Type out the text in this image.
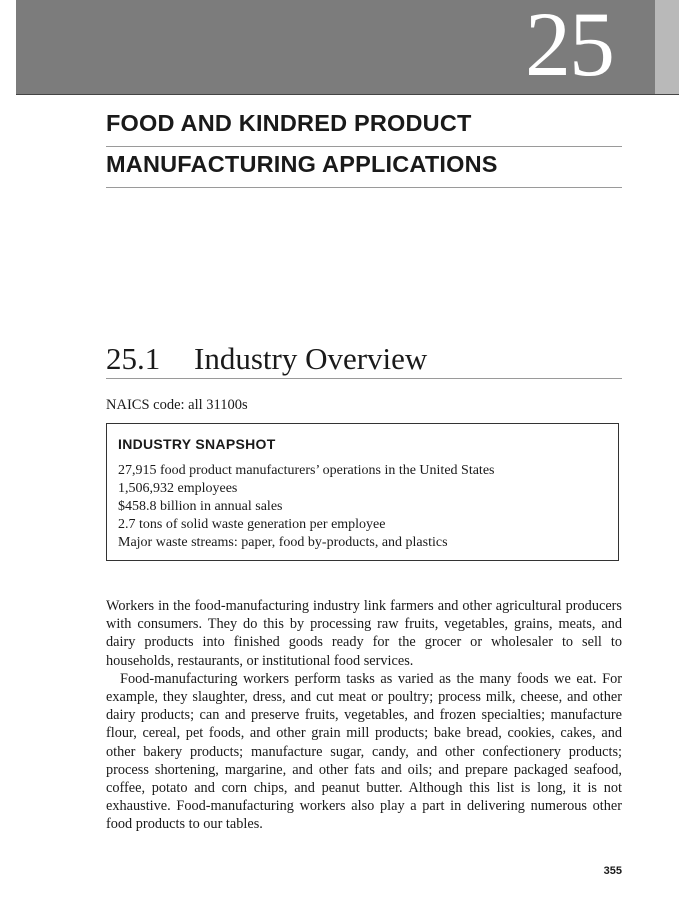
25
FOOD AND KINDRED PRODUCT
MANUFACTURING APPLICATIONS
25.1 Industry Overview
NAICS code: all 31100s
INDUSTRY SNAPSHOT
27,915 food product manufacturers’ operations in the United States
1,506,932 employees
$458.8 billion in annual sales
2.7 tons of solid waste generation per employee
Major waste streams: paper, food by-products, and plastics

Workers in the food-manufacturing industry link farmers and other agricultural producers with consumers. They do this by processing raw fruits, vegetables, grains, meats, and dairy products into finished goods ready for the grocer or wholesaler to sell to households, restaurants, or institutional food services.

Food-manufacturing workers perform tasks as varied as the many foods we eat. For example, they slaughter, dress, and cut meat or poultry; process milk, cheese, and other dairy products; can and preserve fruits, vegetables, and frozen specialties; manufacture flour, cereal, pet foods, and other grain mill products; bake bread, cookies, cakes, and other bakery products; manufacture sugar, candy, and other confectionery products; process shortening, margarine, and other fats and oils; and prepare packaged seafood, coffee, potato and corn chips, and peanut butter. Although this list is long, it is not exhaustive. Food-manufacturing workers also play a part in delivering numerous other food products to our tables.

355
